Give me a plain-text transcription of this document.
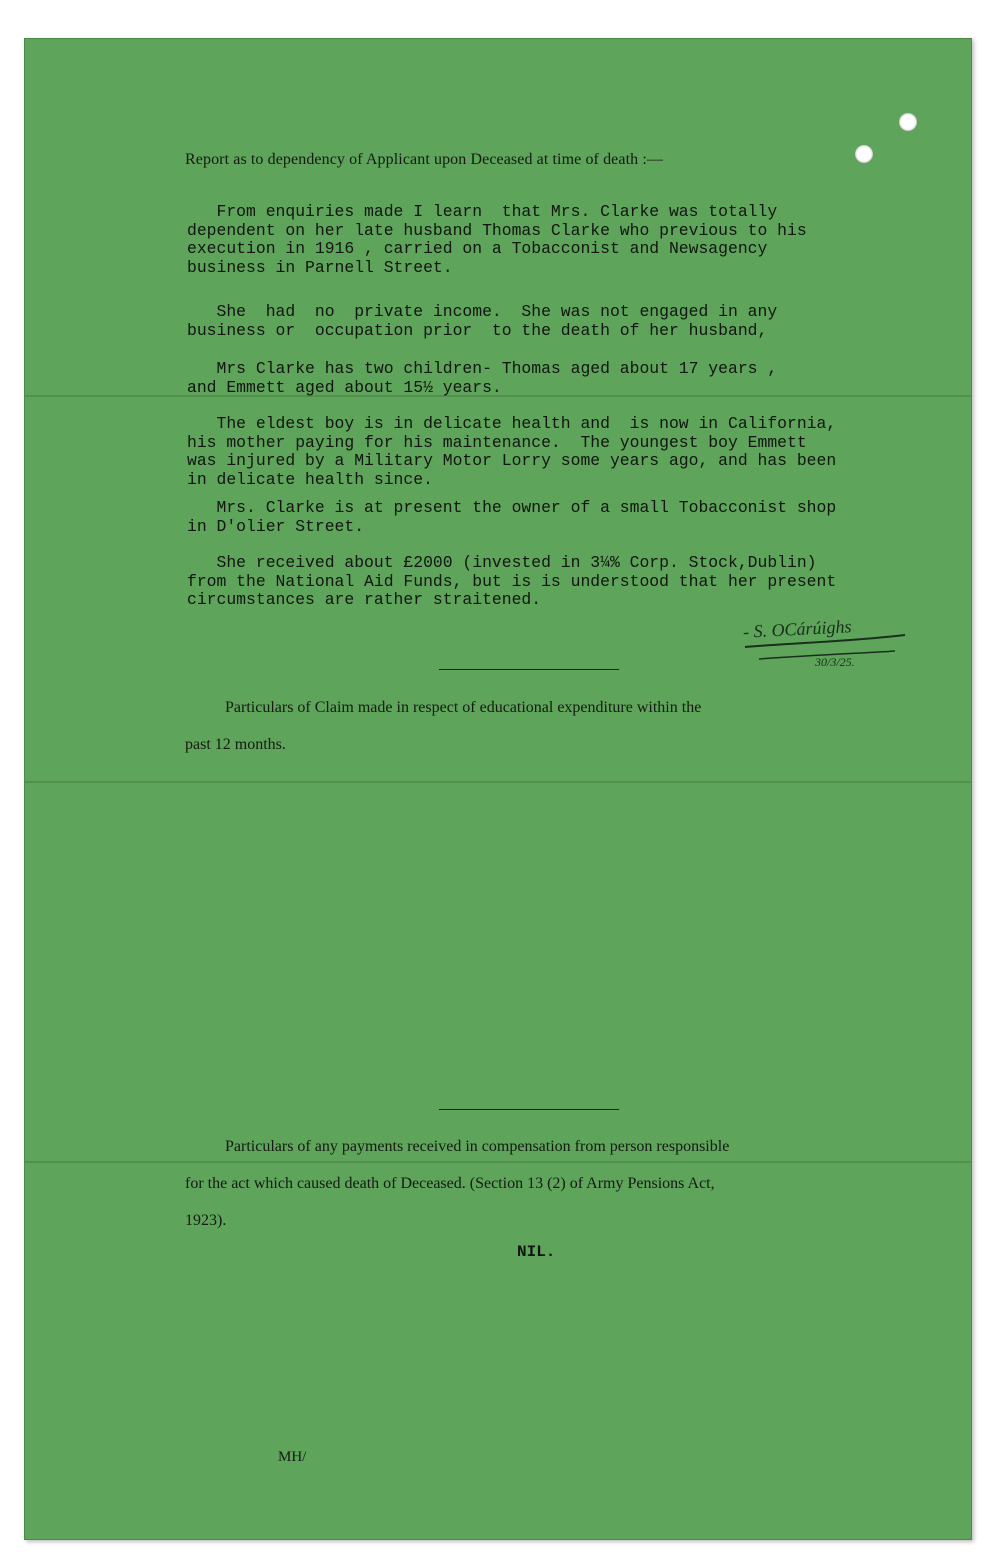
Report as to dependency of Applicant upon Deceased at time of death :—
From enquiries made I learn  that Mrs. Clarke was totally
dependent on her late husband Thomas Clarke who previous to his
execution in 1916 , carried on a Tobacconist and Newsagency
business in Parnell Street.
She  had  no  private income.  She was not engaged in any
business or  occupation prior  to the death of her husband,
Mrs Clarke has two children- Thomas aged about 17 years ,
and Emmett aged about 15½ years.
The eldest boy is in delicate health and  is now in California,
his mother paying for his maintenance.  The youngest boy Emmett
was injured by a Military Motor Lorry some years ago, and has been
in delicate health since.
Mrs. Clarke is at present the owner of a small Tobacconist shop
in D'olier Street.
She received about £2000 (invested in 3¼% Corp. Stock,Dublin)
from the National Aid Funds, but is is understood that her present
circumstances are rather straitened.
- S. OCárúighs
30/3/25.
Particulars of Claim made in respect of educational expenditure within the
past 12 months.
Particulars of any payments received in compensation from person responsible
for the act which caused death of Deceased. (Section 13 (2) of Army Pensions Act,
1923).
NIL.
MH/
